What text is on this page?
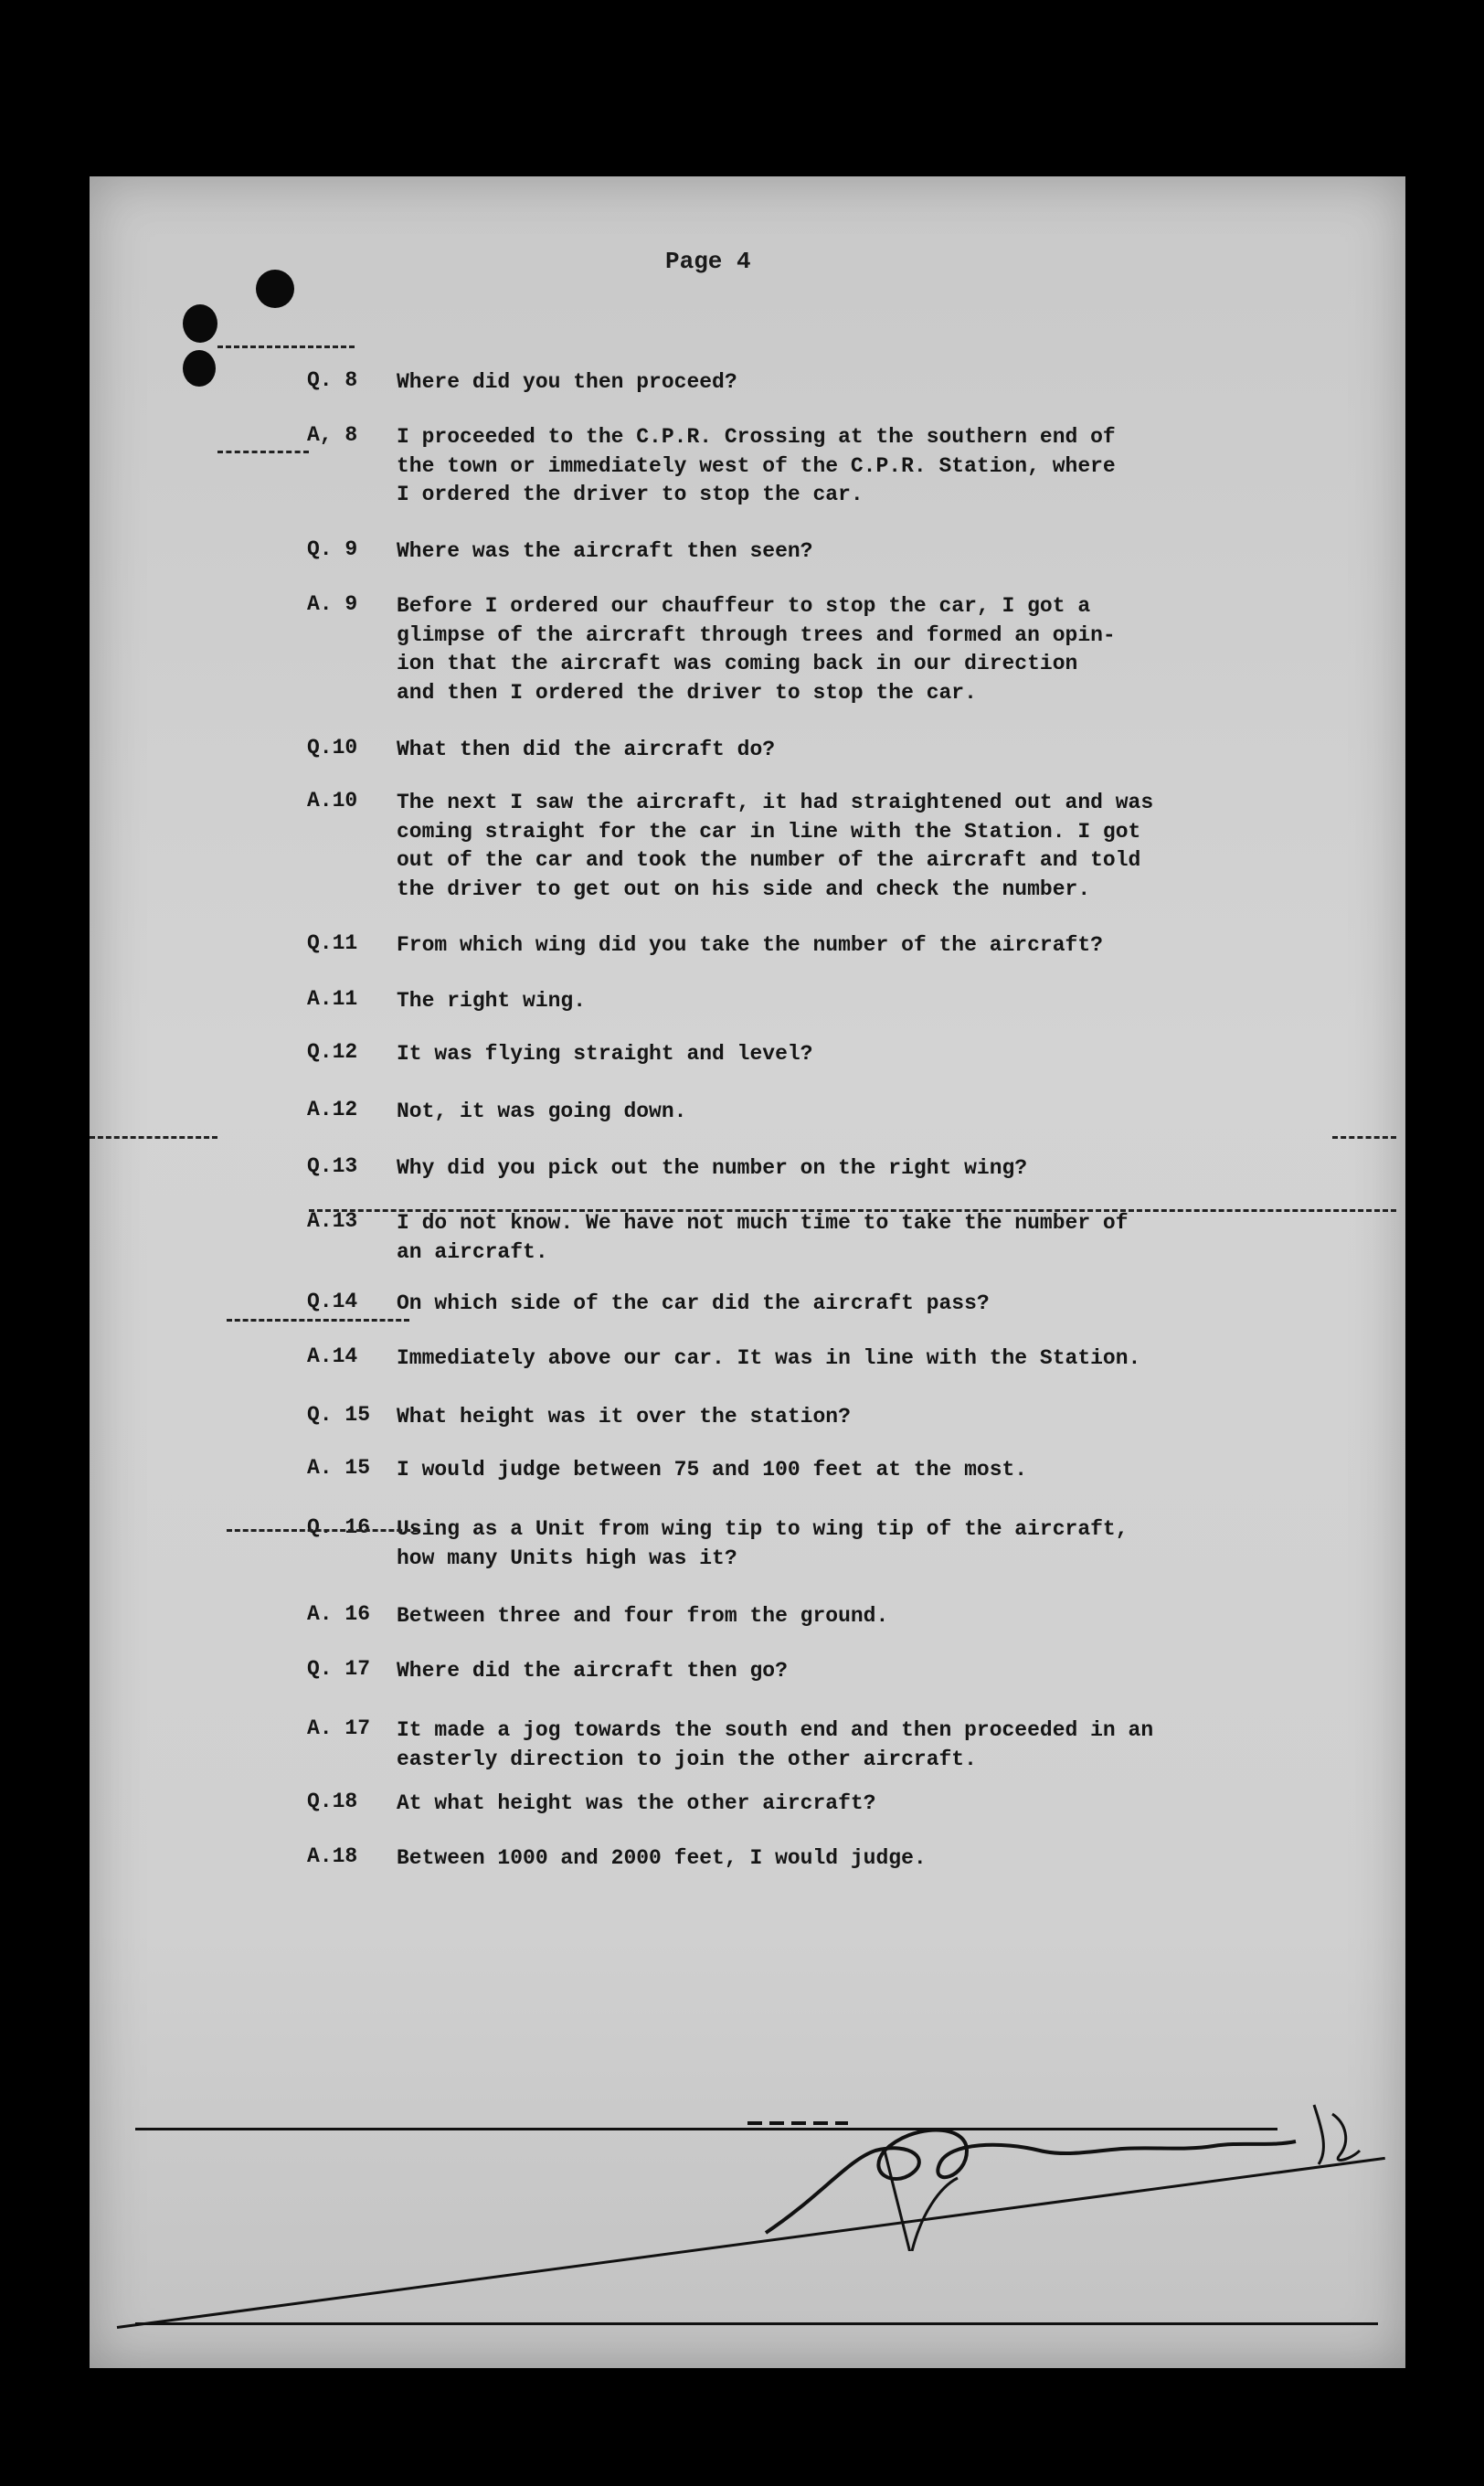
Page 4
Q. 8	Where did you then proceed?
A, 8	I proceeded to the C.P.R. Crossing at the southern end of
the town or immediately west of the C.P.R. Station, where
I ordered the driver to stop the car.
Q. 9	Where was the aircraft then seen?
A. 9	Before I ordered our chauffeur to stop the car, I got a
glimpse of the aircraft through trees and formed an opin-
ion that the aircraft was coming back in our direction
and then I ordered the driver to stop the car.
Q.10	What then did the aircraft do?
A.10	The next I saw the aircraft, it had straightened out and was
coming straight for the car in line with the Station. I got
out of the car and took the number of the aircraft and told
the driver to get out on his side and check the number.
Q.11	From which wing did you take the number of the aircraft?
A.11	The right wing.
Q.12	It was flying straight and level?
A.12	Not, it was going down.
Q.13	Why did you pick out the number on the right wing?
A.13	I do not know. We have not much time to take the number of
an aircraft.
Q.14	On which side of the car did the aircraft pass?
A.14	Immediately above our car. It was in line with the Station.
Q. 15	What height was it over the station?
A. 15	I would judge between 75 and 100 feet at the most.
Q. 16	Using as a Unit from wing tip to wing tip of the aircraft,
how many Units high was it?
A. 16	Between three and four from the ground.
Q. 17	Where did the aircraft then go?
A. 17	It made a jog towards the south end and then proceeded in an
easterly direction to join the other aircraft.
Q.18	At what height was the other aircraft?
A.18	Between 1000 and 2000 feet, I would judge.
